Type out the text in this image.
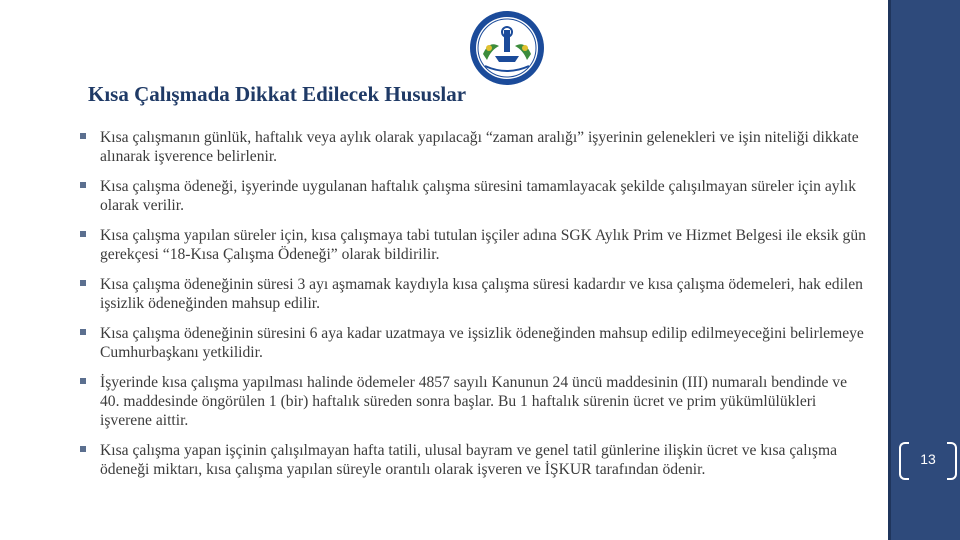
Kısa Çalışmada Dikkat Edilecek Hususlar
Kısa çalışmanın günlük, haftalık veya aylık olarak yapılacağı “zaman aralığı” işyerinin gelenekleri ve işin niteliği dikkate alınarak işverence belirlenir.
Kısa çalışma ödeneği, işyerinde uygulanan haftalık çalışma süresini tamamlayacak şekilde çalışılmayan süreler için aylık olarak verilir.
Kısa çalışma yapılan süreler için, kısa çalışmaya tabi tutulan işçiler adına SGK Aylık Prim ve Hizmet Belgesi ile eksik gün gerekçesi “18-Kısa Çalışma Ödeneği” olarak bildirilir.
Kısa çalışma ödeneğinin süresi 3 ayı aşmamak kaydıyla kısa çalışma süresi kadardır ve kısa çalışma ödemeleri, hak edilen işsizlik ödeneğinden mahsup edilir.
Kısa çalışma ödeneğinin süresini 6 aya kadar uzatmaya ve işsizlik ödeneğinden mahsup edilip edilmeyeceğini belirlemeye Cumhurbaşkanı yetkilidir.
İşyerinde kısa çalışma yapılması halinde ödemeler 4857 sayılı Kanunun 24 üncü maddesinin (III) numaralı bendinde ve 40. maddesinde öngörülen 1 (bir) haftalık süreden sonra başlar. Bu 1 haftalık sürenin ücret ve prim yükümlülükleri işverene aittir.
Kısa çalışma yapan işçinin çalışılmayan hafta tatili, ulusal bayram ve genel tatil günlerine ilişkin ücret ve kısa çalışma ödeneği miktarı, kısa çalışma yapılan süreyle orantılı olarak işveren ve İŞKUR tarafından ödenir.
13
